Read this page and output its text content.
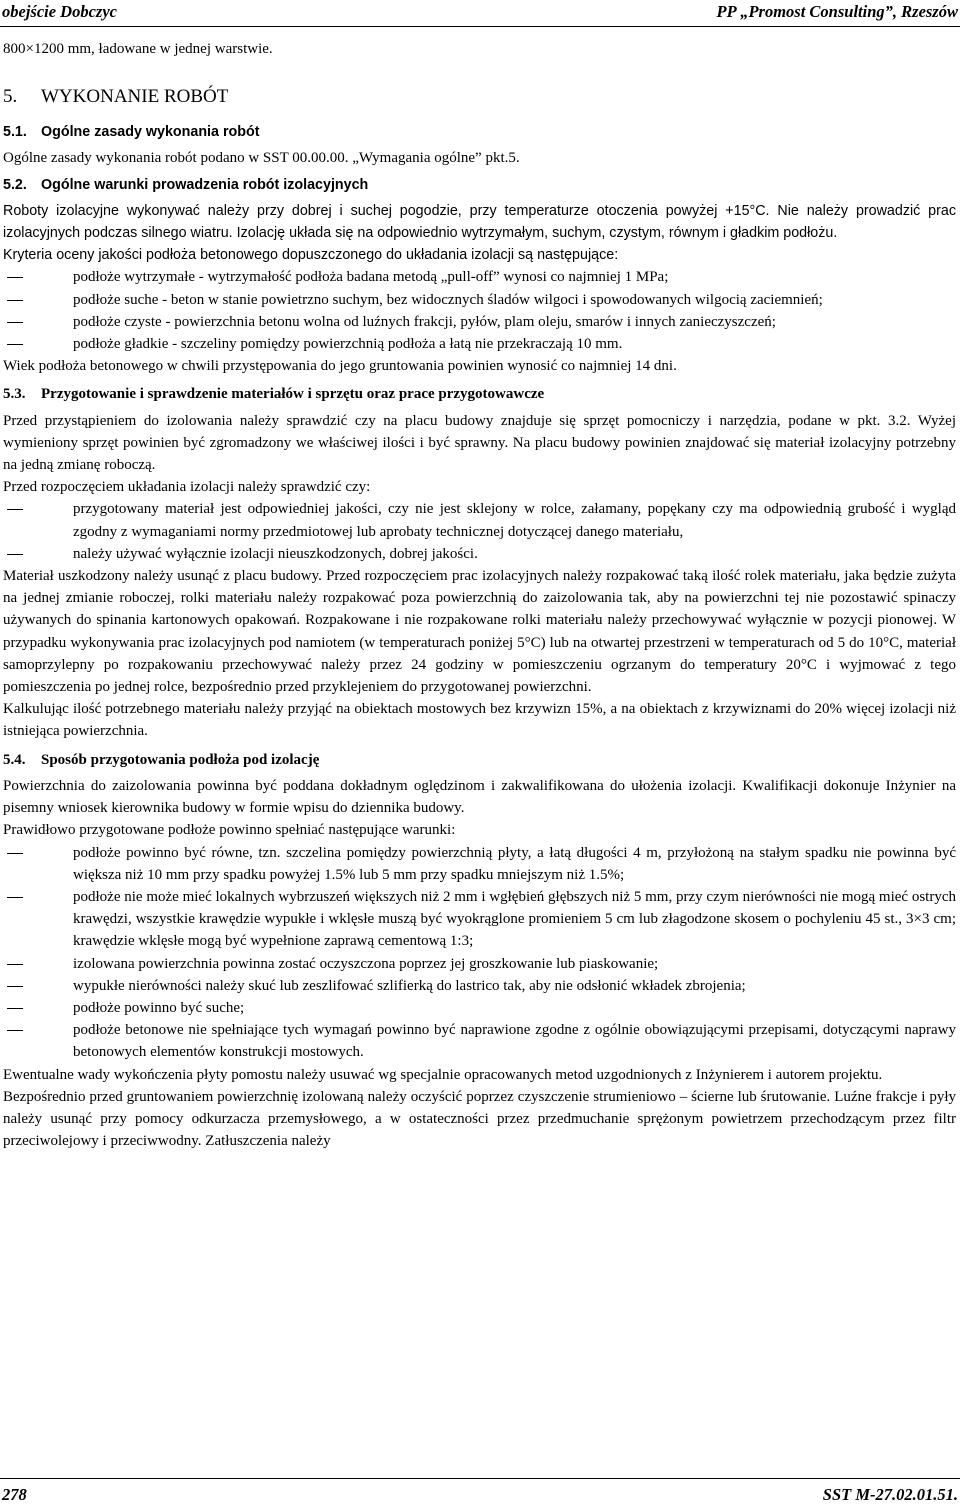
obejście Dobczyc	PP „Promost Consulting”, Rzeszów

800×1200 mm, ładowane w jednej warstwie.

5. WYKONANIE ROBÓT
5.1. Ogólne zasady wykonania robót

Ogólne zasady wykonania robót podano w SST 00.00.00. „Wymagania ogólne” pkt.5.

5.2. Ogólne warunki prowadzenia robót izolacyjnych

Roboty izolacyjne wykonywać należy przy dobrej i suchej pogodzie, przy temperaturze otoczenia powyżej +15°C. Nie należy prowadzić prac izolacyjnych podczas silnego wiatru. Izolację układa się na odpowiednio wytrzymałym, suchym, czystym, równym i gładkim podłożu.

Kryteria oceny jakości podłoża betonowego dopuszczonego do układania izolacji są następujące:

podłoże wytrzymałe - wytrzymałość podłoża badana metodą „pull-off” wynosi co najmniej 1 MPa;
podłoże suche - beton w stanie powietrzno suchym, bez widocznych śladów wilgoci i spowodowanych wilgocią zaciemnień;
podłoże czyste - powierzchnia betonu wolna od luźnych frakcji, pyłów, plam oleju, smarów i innych zanieczyszczeń;
podłoże gładkie - szczeliny pomiędzy powierzchnią podłoża a łatą nie przekraczają 10 mm.

Wiek podłoża betonowego w chwili przystępowania do jego gruntowania powinien wynosić co najmniej 14 dni.

5.3. Przygotowanie i sprawdzenie materiałów i sprzętu oraz prace przygotowawcze

Przed przystąpieniem do izolowania należy sprawdzić czy na placu budowy znajduje się sprzęt pomocniczy i narzędzia, podane w pkt. 3.2. Wyżej wymieniony sprzęt powinien być zgromadzony we właściwej ilości i być sprawny. Na placu budowy powinien znajdować się materiał izolacyjny potrzebny na jedną zmianę roboczą.

Przed rozpoczęciem układania izolacji należy sprawdzić czy:

przygotowany materiał jest odpowiedniej jakości, czy nie jest sklejony w rolce, załamany, popękany czy ma odpowiednią grubość i wygląd zgodny z wymaganiami normy przedmiotowej lub aprobaty technicznej dotyczącej danego materiału,
należy używać wyłącznie izolacji nieuszkodzonych, dobrej jakości.

Materiał uszkodzony należy usunąć z placu budowy. Przed rozpoczęciem prac izolacyjnych należy rozpakować taką ilość rolek materiału, jaka będzie zużyta na jednej zmianie roboczej, rolki materiału należy rozpakować poza powierzchnią do zaizolowania tak, aby na powierzchni tej nie pozostawić spinaczy używanych do spinania kartonowych opakowań. Rozpakowane i nie rozpakowane rolki materiału należy przechowywać wyłącznie w pozycji pionowej. W przypadku wykonywania prac izolacyjnych pod namiotem (w temperaturach poniżej 5°C) lub na otwartej przestrzeni w temperaturach od 5 do 10°C, materiał samoprzylepny po rozpakowaniu przechowywać należy przez 24 godziny w pomieszczeniu ogrzanym do temperatury 20°C i wyjmować z tego pomieszczenia po jednej rolce, bezpośrednio przed przyklejeniem do przygotowanej powierzchni.

Kalkulując ilość potrzebnego materiału należy przyjąć na obiektach mostowych bez krzywizn 15%, a na obiektach z krzywiznami do 20% więcej izolacji niż istniejąca powierzchnia.

5.4. Sposób przygotowania podłoża pod izolację

Powierzchnia do zaizolowania powinna być poddana dokładnym oględzinom i zakwalifikowana do ułożenia izolacji. Kwalifikacji dokonuje Inżynier na pisemny wniosek kierownika budowy w formie wpisu do dziennika budowy.

Prawidłowo przygotowane podłoże powinno spełniać następujące warunki:

podłoże powinno być równe, tzn. szczelina pomiędzy powierzchnią płyty, a łatą długości 4 m, przyłożoną na stałym spadku nie powinna być większa niż 10 mm przy spadku powyżej 1.5% lub 5 mm przy spadku mniejszym niż 1.5%;
podłoże nie może mieć lokalnych wybrzuszeń większych niż 2 mm i wgłębień głębszych niż 5 mm, przy czym nierówności nie mogą mieć ostrych krawędzi, wszystkie krawędzie wypukłe i wklęsłe muszą być wyokrąglone promieniem 5 cm lub złagodzone skosem o pochyleniu 45 st., 3×3 cm; krawędzie wklęsłe mogą być wypełnione zaprawą cementową 1:3;
izolowana powierzchnia powinna zostać oczyszczona poprzez jej groszkowanie lub piaskowanie;
wypukłe nierówności należy skuć lub zeszlifować szlifierką do lastrico tak, aby nie odsłonić wkładek zbrojenia;
podłoże powinno być suche;
podłoże betonowe nie spełniające tych wymagań powinno być naprawione zgodne z ogólnie obowiązującymi przepisami, dotyczącymi naprawy betonowych elementów konstrukcji mostowych.

Ewentualne wady wykończenia płyty pomostu należy usuwać wg specjalnie opracowanych metod uzgodnionych z Inżynierem i autorem projektu.

Bezpośrednio przed gruntowaniem powierzchnię izolowaną należy oczyścić poprzez czyszczenie strumieniowo – ścierne lub śrutowanie. Luźne frakcje i pyły należy usunąć przy pomocy odkurzacza przemysłowego, a w ostateczności przez przedmuchanie sprężonym powietrzem przechodzącym przez filtr przeciwolejowy i przeciwwodny. Zatłuszczenia należy

278	SST M-27.02.01.51.
